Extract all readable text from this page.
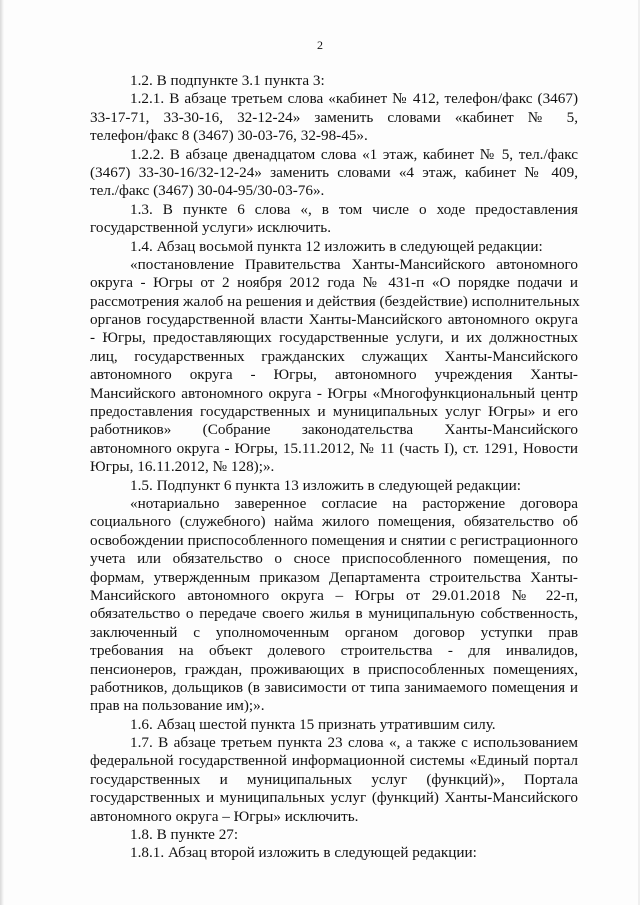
2
1.2. В подпункте 3.1 пункта 3:
1.2.1. В абзаце третьем слова «кабинет № 412, телефон/факс (3467)
33-17-71, 33-30-16, 32-12-24» заменить словами «кабинет № 5,
телефон/факс 8 (3467) 30-03-76, 32-98-45».
1.2.2. В абзаце двенадцатом слова «1 этаж, кабинет № 5, тел./факс
(3467) 33-30-16/32-12-24» заменить словами «4 этаж, кабинет № 409,
тел./факс (3467) 30-04-95/30-03-76».
1.3. В пункте 6 слова «, в том числе о ходе предоставления
государственной услуги» исключить.
1.4. Абзац восьмой пункта 12 изложить в следующей редакции:
«постановление Правительства Ханты-Мансийского автономного
округа - Югры от 2 ноября 2012 года № 431-п «О порядке подачи и
рассмотрения жалоб на решения и действия (бездействие) исполнительных
органов государственной власти Ханты-Мансийского автономного округа
- Югры, предоставляющих государственные услуги, и их должностных
лиц, государственных гражданских служащих Ханты-Мансийского
автономного округа - Югры, автономного учреждения Ханты-
Мансийского автономного округа - Югры «Многофункциональный центр
предоставления государственных и муниципальных услуг Югры» и его
работников» (Собрание законодательства Ханты-Мансийского
автономного округа - Югры, 15.11.2012, № 11 (часть I), ст. 1291, Новости
Югры, 16.11.2012, № 128);».
1.5. Подпункт 6 пункта 13 изложить в следующей редакции:
«нотариально заверенное согласие на расторжение договора
социального (служебного) найма жилого помещения, обязательство об
освобождении приспособленного помещения и снятии с регистрационного
учета или обязательство о сносе приспособленного помещения, по
формам, утвержденным приказом Департамента строительства Ханты-
Мансийского автономного округа – Югры от 29.01.2018 № 22-п,
обязательство о передаче своего жилья в муниципальную собственность,
заключенный с уполномоченным органом договор уступки прав
требования на объект долевого строительства - для инвалидов,
пенсионеров, граждан, проживающих в приспособленных помещениях,
работников, дольщиков (в зависимости от типа занимаемого помещения и
прав на пользование им);».
1.6. Абзац шестой пункта 15 признать утратившим силу.
1.7. В абзаце третьем пункта 23 слова «, а также с использованием
федеральной государственной информационной системы «Единый портал
государственных и муниципальных услуг (функций)», Портала
государственных и муниципальных услуг (функций) Ханты-Мансийского
автономного округа – Югры» исключить.
1.8. В пункте 27:
1.8.1. Абзац второй изложить в следующей редакции:
